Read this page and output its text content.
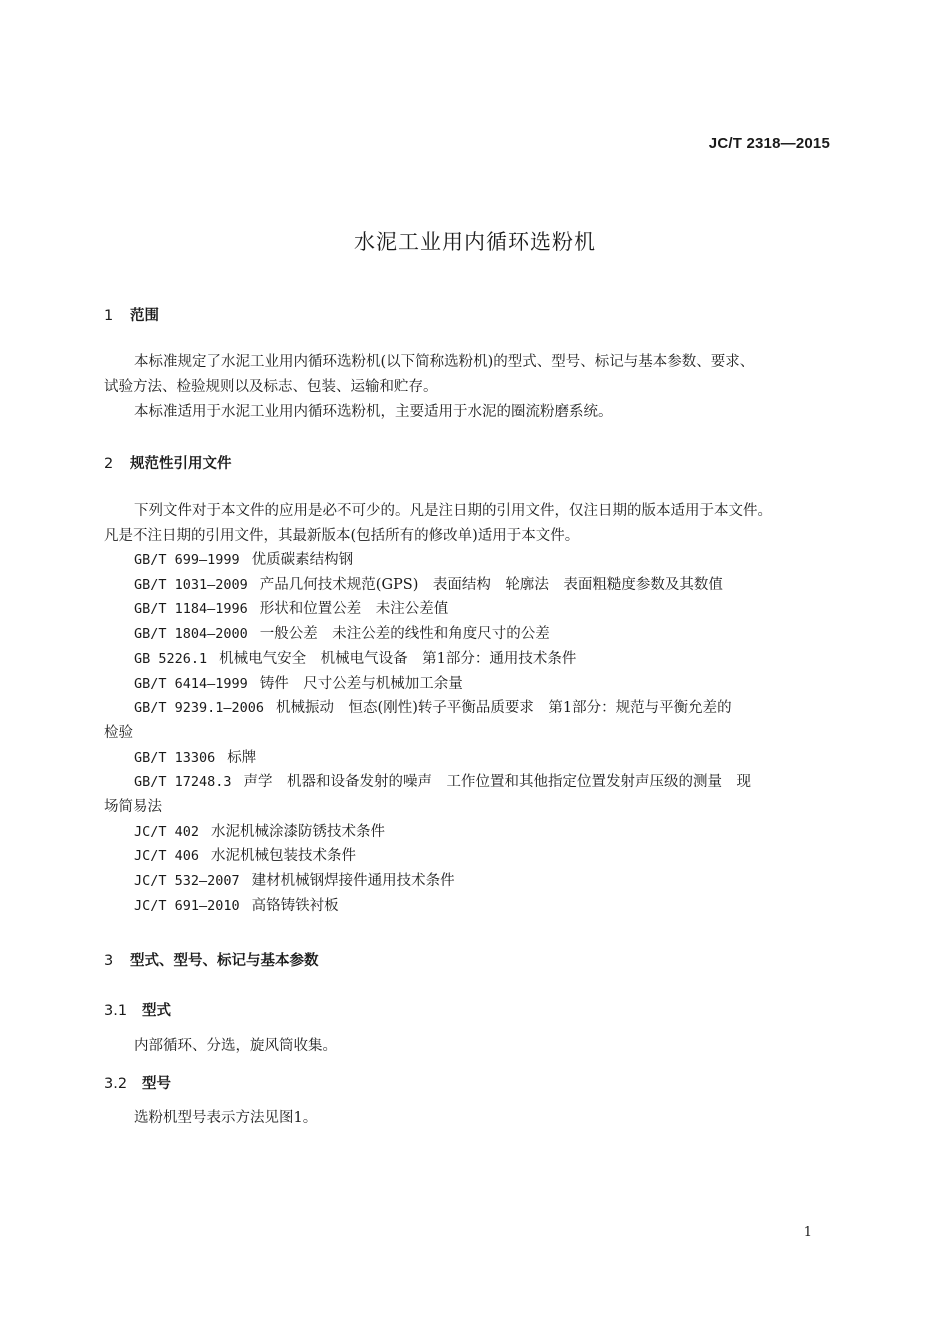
JC/T 2318—2015
水泥工业用内循环选粉机
1 范围
本标准规定了水泥工业用内循环选粉机(以下简称选粉机)的型式、型号、标记与基本参数、要求、
试验方法、检验规则以及标志、包装、运输和贮存。
本标准适用于水泥工业用内循环选粉机，主要适用于水泥的圈流粉磨系统。
2 规范性引用文件
下列文件对于本文件的应用是必不可少的。凡是注日期的引用文件，仅注日期的版本适用于本文件。
凡是不注日期的引用文件，其最新版本(包括所有的修改单)适用于本文件。
GB/T 699—1999 优质碳素结构钢
GB/T 1031—2009 产品几何技术规范(GPS)　表面结构　轮廓法　表面粗糙度参数及其数值
GB/T 1184—1996 形状和位置公差　未注公差值
GB/T 1804—2000 一般公差　未注公差的线性和角度尺寸的公差
GB 5226.1 机械电气安全　机械电气设备　第1部分：通用技术条件
GB/T 6414—1999 铸件　尺寸公差与机械加工余量
GB/T 9239.1—2006 机械振动　恒态(刚性)转子平衡品质要求　第1部分：规范与平衡允差的
检验
GB/T 13306 标牌
GB/T 17248.3 声学　机器和设备发射的噪声　工作位置和其他指定位置发射声压级的测量　现
场简易法
JC/T 402 水泥机械涂漆防锈技术条件
JC/T 406 水泥机械包装技术条件
JC/T 532—2007 建材机械钢焊接件通用技术条件
JC/T 691—2010 高铬铸铁衬板
3 型式、型号、标记与基本参数
3.1 型式
内部循环、分选，旋风筒收集。
3.2 型号
选粉机型号表示方法见图1。
1
